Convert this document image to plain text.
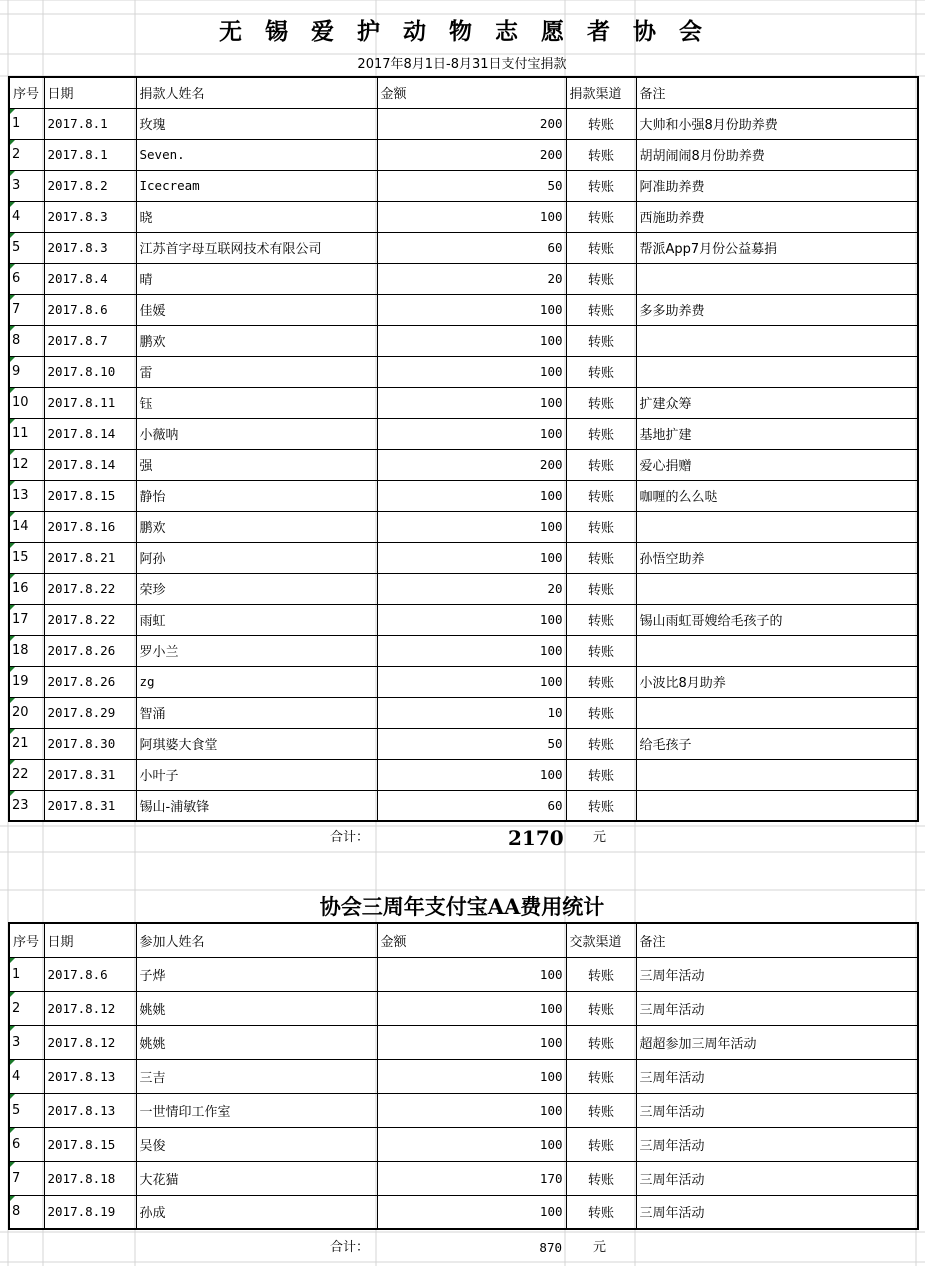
无锡爱护动物志愿者协会
2017年8月1日-8月31日支付宝捐款
序号	日期	捐款人姓名	金额	捐款渠道	备注
1	2017.8.1	玫瑰	200	转账	大帅和小强8月份助养费
2	2017.8.1	Seven.	200	转账	胡胡闹闹8月份助养费
3	2017.8.2	Icecream	50	转账	阿准助养费
4	2017.8.3	晓	100	转账	西施助养费
5	2017.8.3	江苏首字母互联网技术有限公司	60	转账	帮派App7月份公益募捐
6	2017.8.4	晴	20	转账	
7	2017.8.6	佳媛	100	转账	多多助养费
8	2017.8.7	鹏欢	100	转账	
9	2017.8.10	雷	100	转账	
10	2017.8.11	钰	100	转账	扩建众筹
11	2017.8.14	小薇呐	100	转账	基地扩建
12	2017.8.14	强	200	转账	爱心捐赠
13	2017.8.15	静怡	100	转账	咖喱的么么哒
14	2017.8.16	鹏欢	100	转账	
15	2017.8.21	阿孙	100	转账	孙悟空助养
16	2017.8.22	荣珍	20	转账	
17	2017.8.22	雨虹	100	转账	锡山雨虹哥嫂给毛孩子的
18	2017.8.26	罗小兰	100	转账	
19	2017.8.26	zg	100	转账	小波比8月助养
20	2017.8.29	智涌	10	转账	
21	2017.8.30	阿琪婆大食堂	50	转账	给毛孩子
22	2017.8.31	小叶子	100	转账	
23	2017.8.31	锡山-浦敏锋	60	转账	
合计：	2170 元
协会三周年支付宝AA费用统计
序号	日期	参加人姓名	金额	交款渠道	备注
1	2017.8.6	子烨	100	转账	三周年活动
2	2017.8.12	姚姚	100	转账	三周年活动
3	2017.8.12	姚姚	100	转账	超超参加三周年活动
4	2017.8.13	三吉	100	转账	三周年活动
5	2017.8.13	一世情印工作室	100	转账	三周年活动
6	2017.8.15	吴俊	100	转账	三周年活动
7	2017.8.18	大花猫	170	转账	三周年活动
8	2017.8.19	孙成	100	转账	三周年活动
合计：	870 元
